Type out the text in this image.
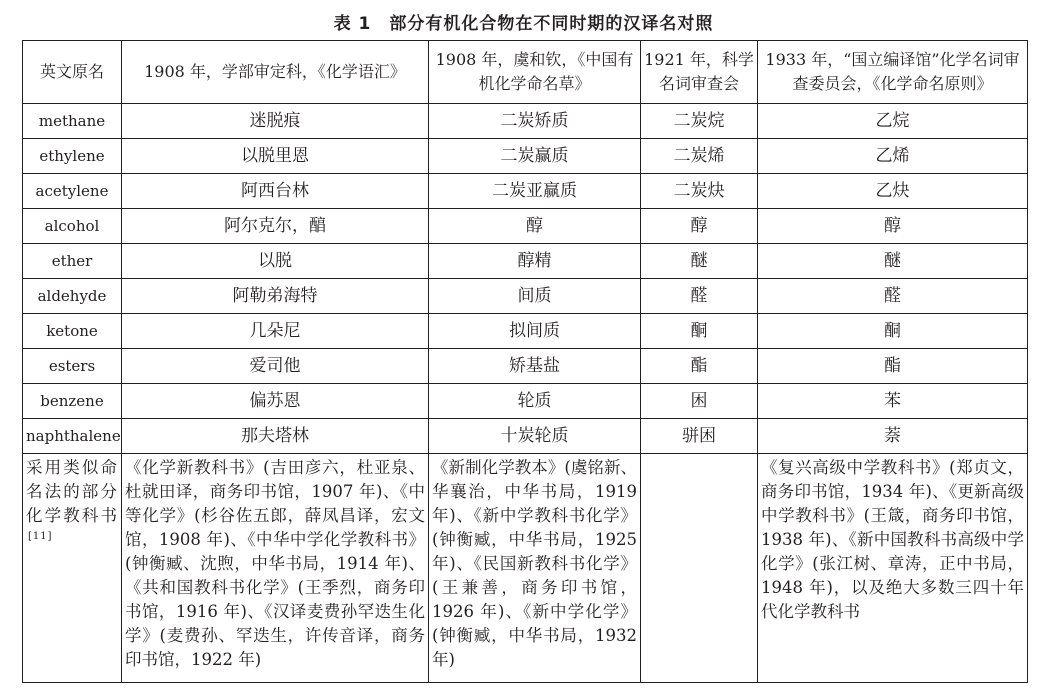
表 1 部分有机化合物在不同时期的汉译名对照
英文原名	1908 年，学部审定科，《化学语汇》	1908 年，虞和钦，《中国有机化学命名草》	1921 年，科学名词审查会	1933 年，“国立编译馆”化学名词审查委员会，《化学命名原则》
methane	迷脱痕	二炭矫质	二炭烷	乙烷
ethylene	以脱里恩	二炭赢质	二炭烯	乙烯
acetylene	阿西台林	二炭亚赢质	二炭炔	乙炔
alcohol	阿尔克尔，醕	醇	醇	醇
ether	以脱	醇精	醚	醚
aldehyde	阿勒弟海特	间质	醛	醛
ketone	几朵尼	拟间质	酮	酮
esters	爱司他	矫基盐	酯	酯
benzene	偏苏恩	轮质	困	苯
naphthalene	那夫塔林	十炭轮质	骈困	萘
采用类似命名法的部分化学教科书[11]	《化学新教科书》(吉田彦六，杜亚泉、杜就田译，商务印书馆，1907 年)、《中等化学》(杉谷佐五郎，薛凤昌译，宏文馆，1908 年)、《中华中学化学教科书》(钟衡臧、沈煦，中华书局，1914 年)、《共和国教科书化学》(王季烈，商务印书馆，1916 年)、《汉译麦费孙罕迭生化学》(麦费孙、罕迭生，许传音译，商务印书馆，1922 年)	《新制化学教本》(虞铭新、华襄治，中华书局，1919 年)、《新中学教科书化学》(钟衡臧，中华书局，1925 年)、《民国新教科书化学》(王兼善，商务印书馆，1926 年)、《新中学化学》(钟衡臧，中华书局，1932 年)		《复兴高级中学教科书》(郑贞文，商务印书馆，1934 年)、《更新高级中学教科书》(王箴，商务印书馆，1938 年)、《新中国教科书高级中学化学》(张江树、章涛，正中书局，1948 年)，以及绝大多数三四十年代化学教科书
